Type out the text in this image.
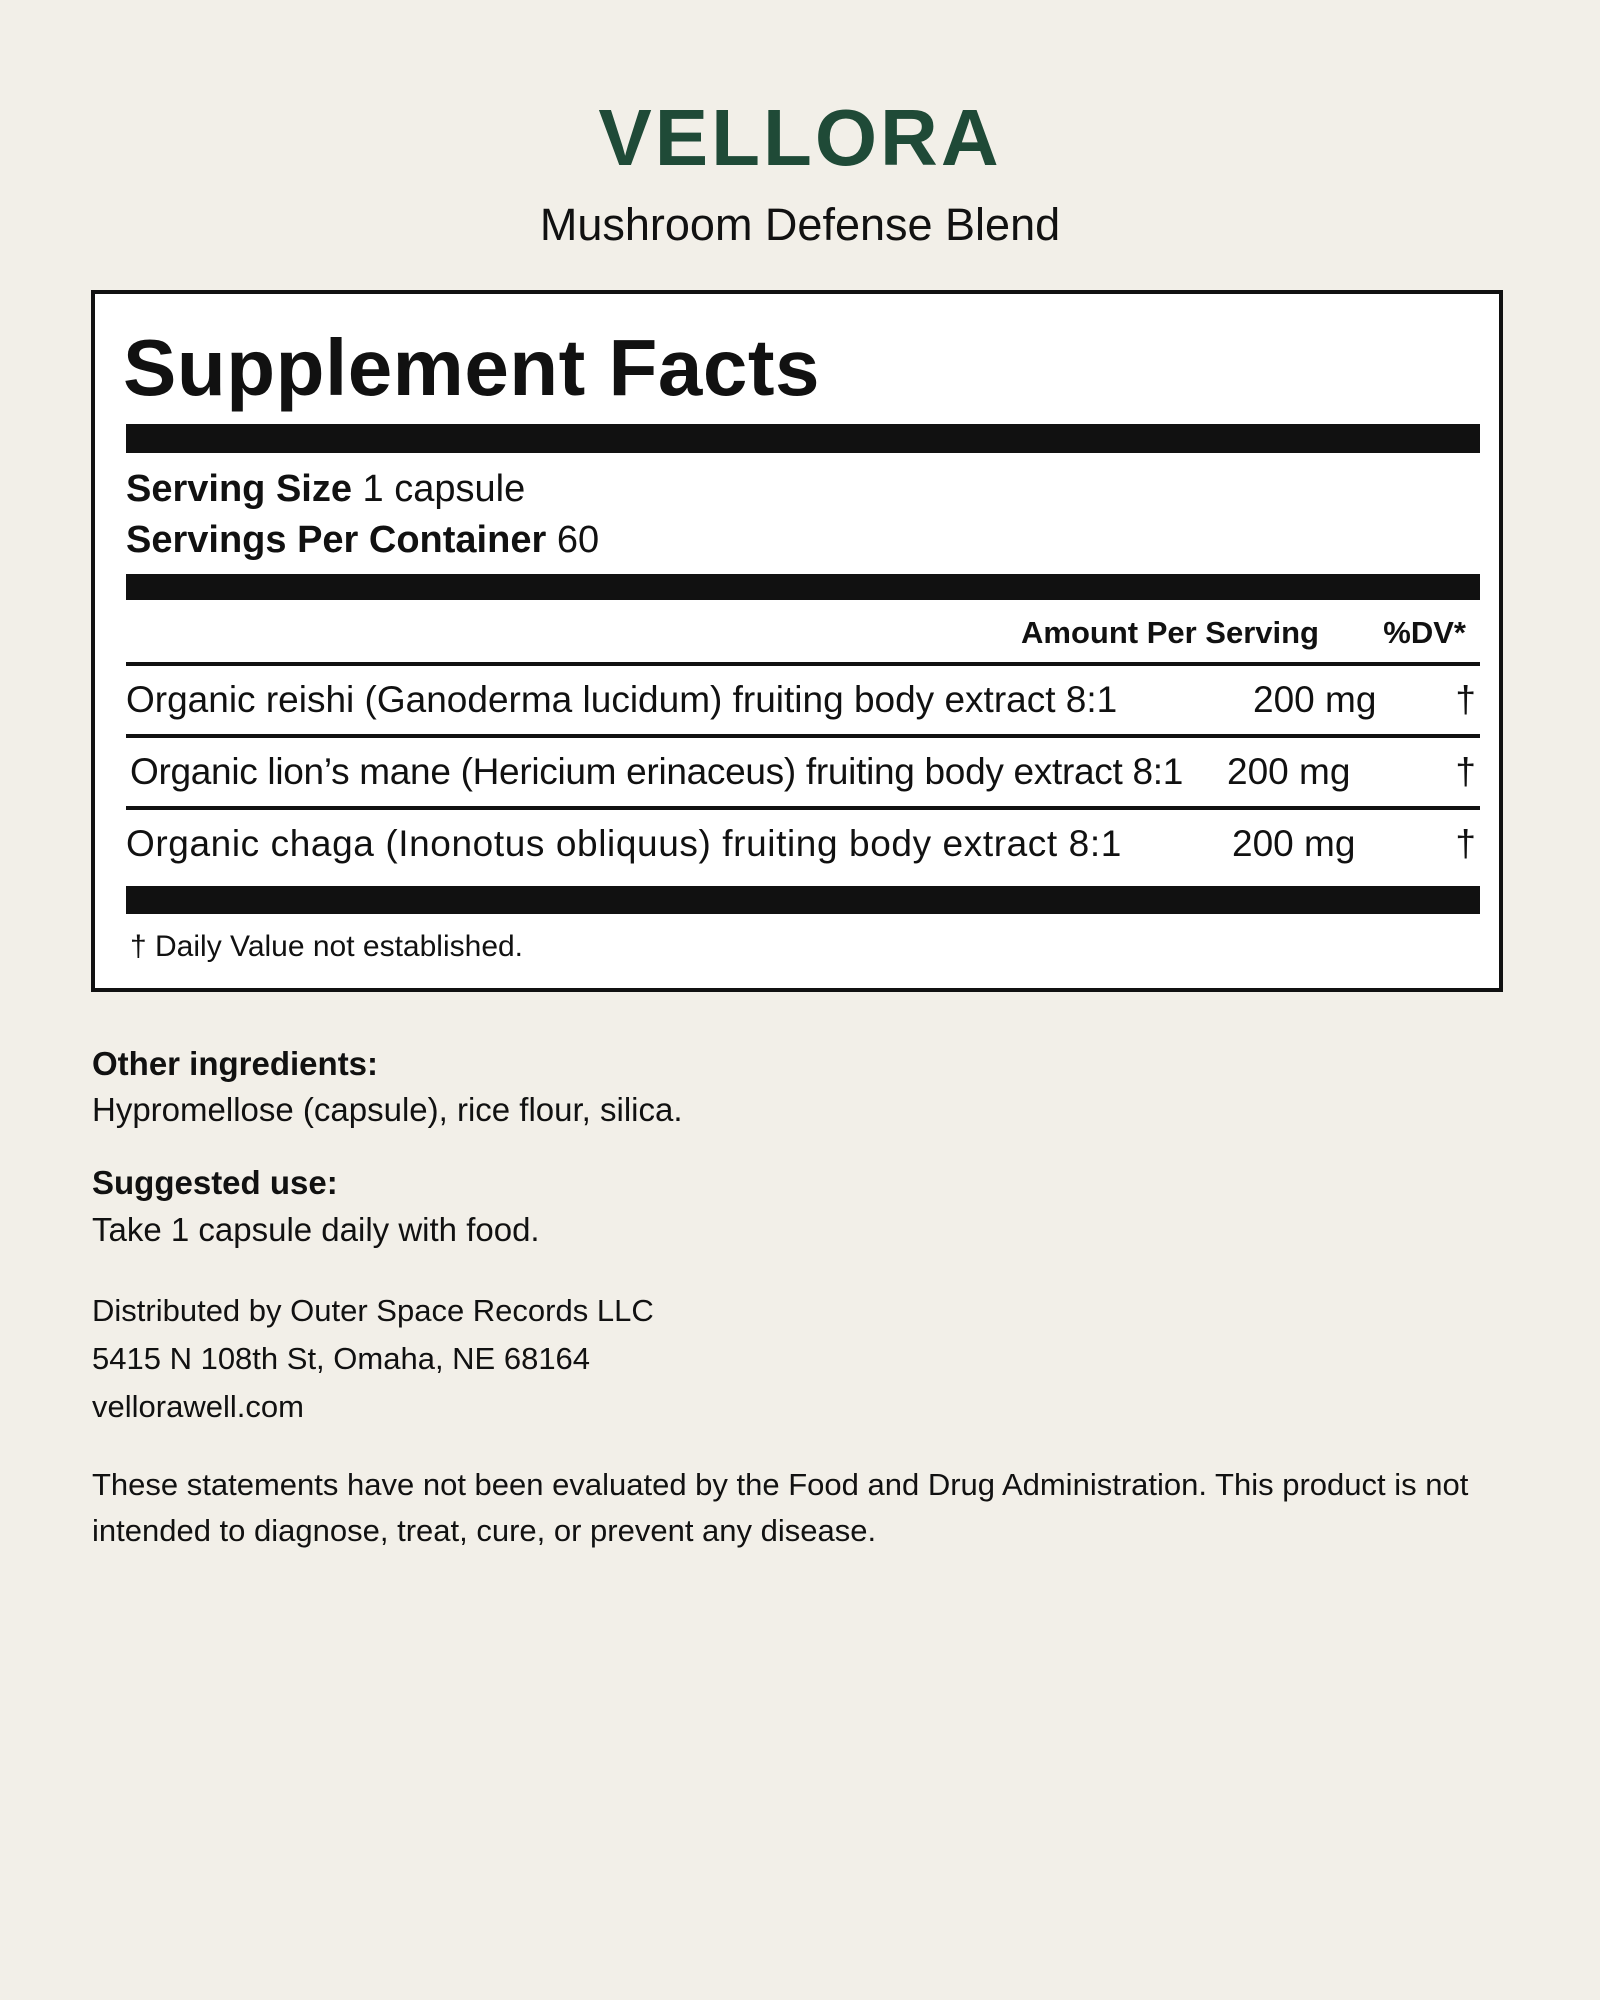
VELLORA
Mushroom Defense Blend
Supplement Facts
Serving Size 1 capsule
Servings Per Container 60
Amount Per Serving %DV*
Organic reishi (Ganoderma lucidum) fruiting body extract 8:1	200 mg †
Organic lion’s mane (Hericium erinaceus) fruiting body extract 8:1 200 mg	†
Organic chaga (Inonotus obliquus) fruiting body extract 8:1	200 mg	†
† Daily Value not established.
Other ingredients:
Hypromellose (capsule), rice flour, silica.
Suggested use:
Take 1 capsule daily with food.
Distributed by Outer Space Records LLC
5415 N 108th St, Omaha, NE 68164
vellorawell.com
These statements have not been evaluated by the Food and Drug Administration. This product is not intended to diagnose, treat, cure, or prevent any disease.
